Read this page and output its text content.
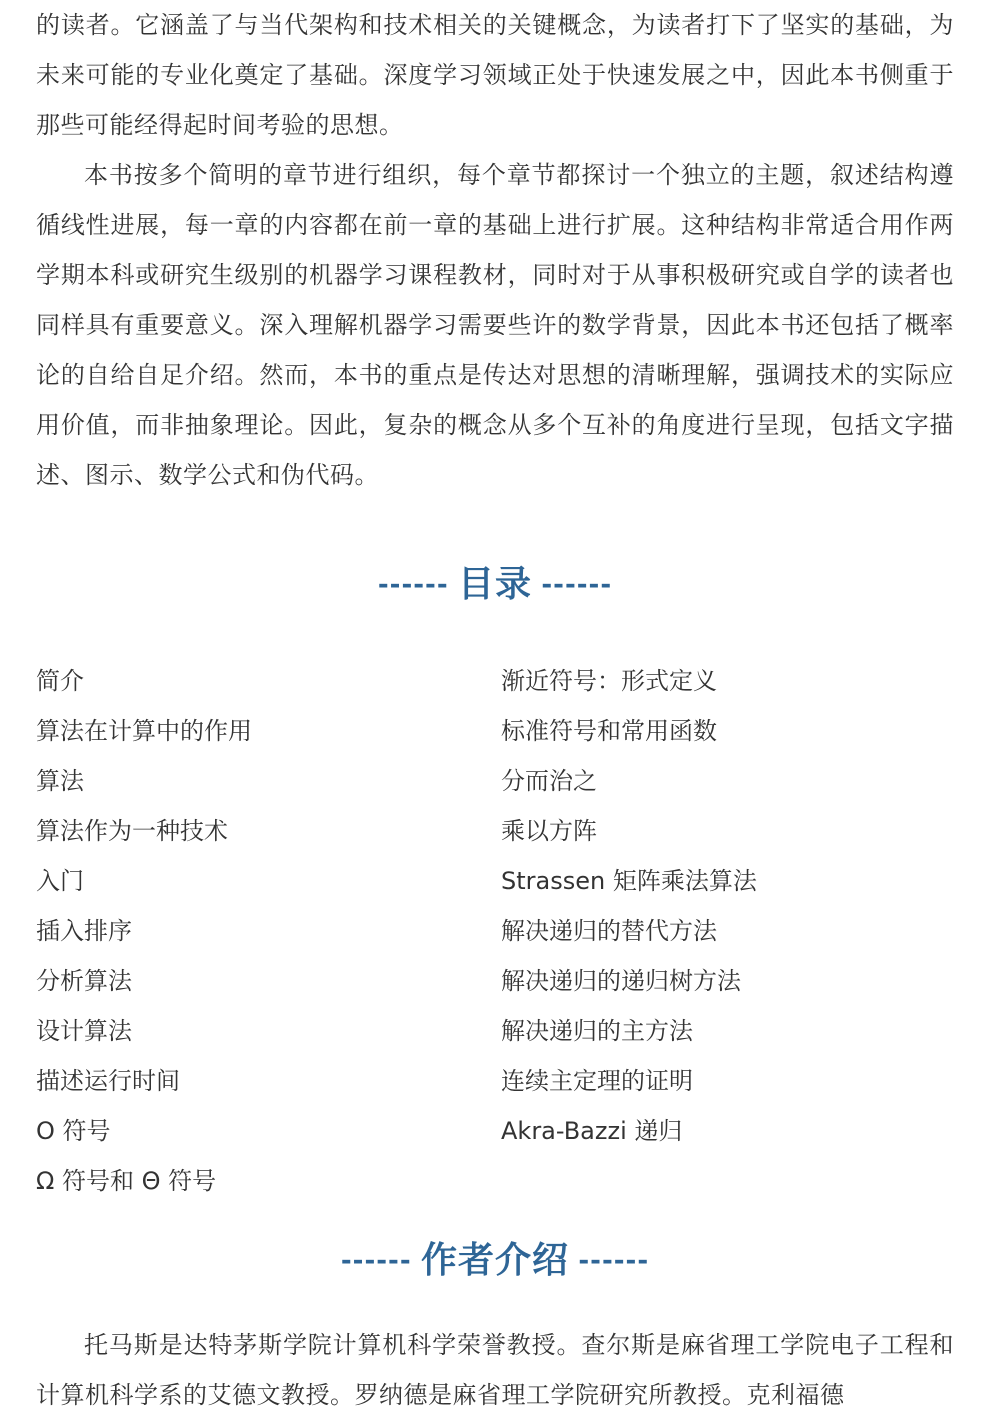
的读者。它涵盖了与当代架构和技术相关的关键概念，为读者打下了坚实的基础，为未来可能的专业化奠定了基础。深度学习领域正处于快速发展之中，因此本书侧重于那些可能经得起时间考验的思想。

本书按多个简明的章节进行组织，每个章节都探讨一个独立的主题，叙述结构遵循线性进展，每一章的内容都在前一章的基础上进行扩展。这种结构非常适合用作两学期本科或研究生级别的机器学习课程教材，同时对于从事积极研究或自学的读者也同样具有重要意义。深入理解机器学习需要些许的数学背景，因此本书还包括了概率论的自给自足介绍。然而，本书的重点是传达对思想的清晰理解，强调技术的实际应用价值，而非抽象理论。因此，复杂的概念从多个互补的角度进行呈现，包括文字描述、图示、数学公式和伪代码。

------ 目录 ------
简介
算法在计算中的作用
算法
算法作为一种技术
入门
插入排序
分析算法
设计算法
描述运行时间
O 符号
Ω 符号和 Θ 符号
渐近符号：形式定义
标准符号和常用函数
分而治之
乘以方阵
Strassen 矩阵乘法算法
解决递归的替代方法
解决递归的递归树方法
解决递归的主方法
连续主定理的证明
Akra-Bazzi 递归
------ 作者介绍 ------

托马斯是达特茅斯学院计算机科学荣誉教授。查尔斯是麻省理工学院电子工程和计算机科学系的艾德文教授。罗纳德是麻省理工学院研究所教授。克利福德
